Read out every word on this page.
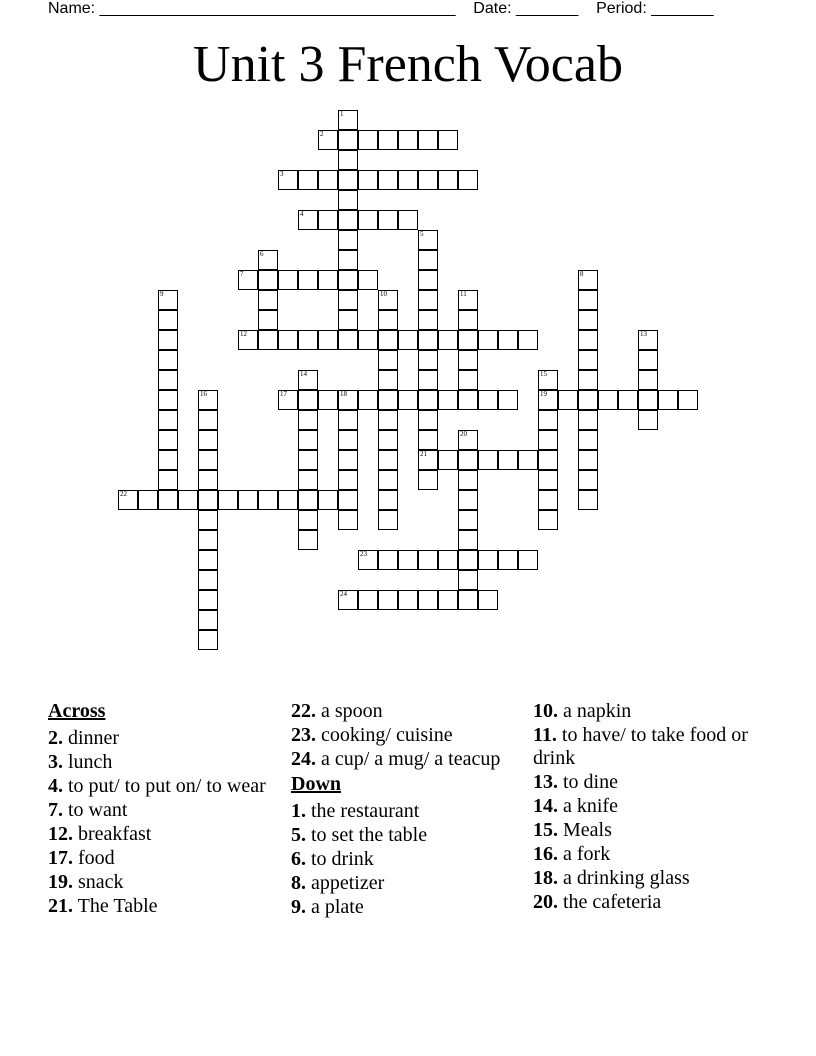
Name: ________________________________________ Date: _______ Period: _______
Unit 3 French Vocab
1
2
3
4
5
21
6
7	8
9	10	11
12	13
14	15
19
16	17	18
20
22
23
24
Across
2. dinner
3. lunch
4. to put/ to put on/ to wear
7. to want
12. breakfast
17. food
19. snack
21. The Table
22. a spoon
23. cooking/ cuisine
24. a cup/ a mug/ a teacup
Down
1. the restaurant
5. to set the table
6. to drink
8. appetizer
9. a plate
10. a napkin
11. to have/ to take food or drink
13. to dine
14. a knife
15. Meals
16. a fork
18. a drinking glass
20. the cafeteria
